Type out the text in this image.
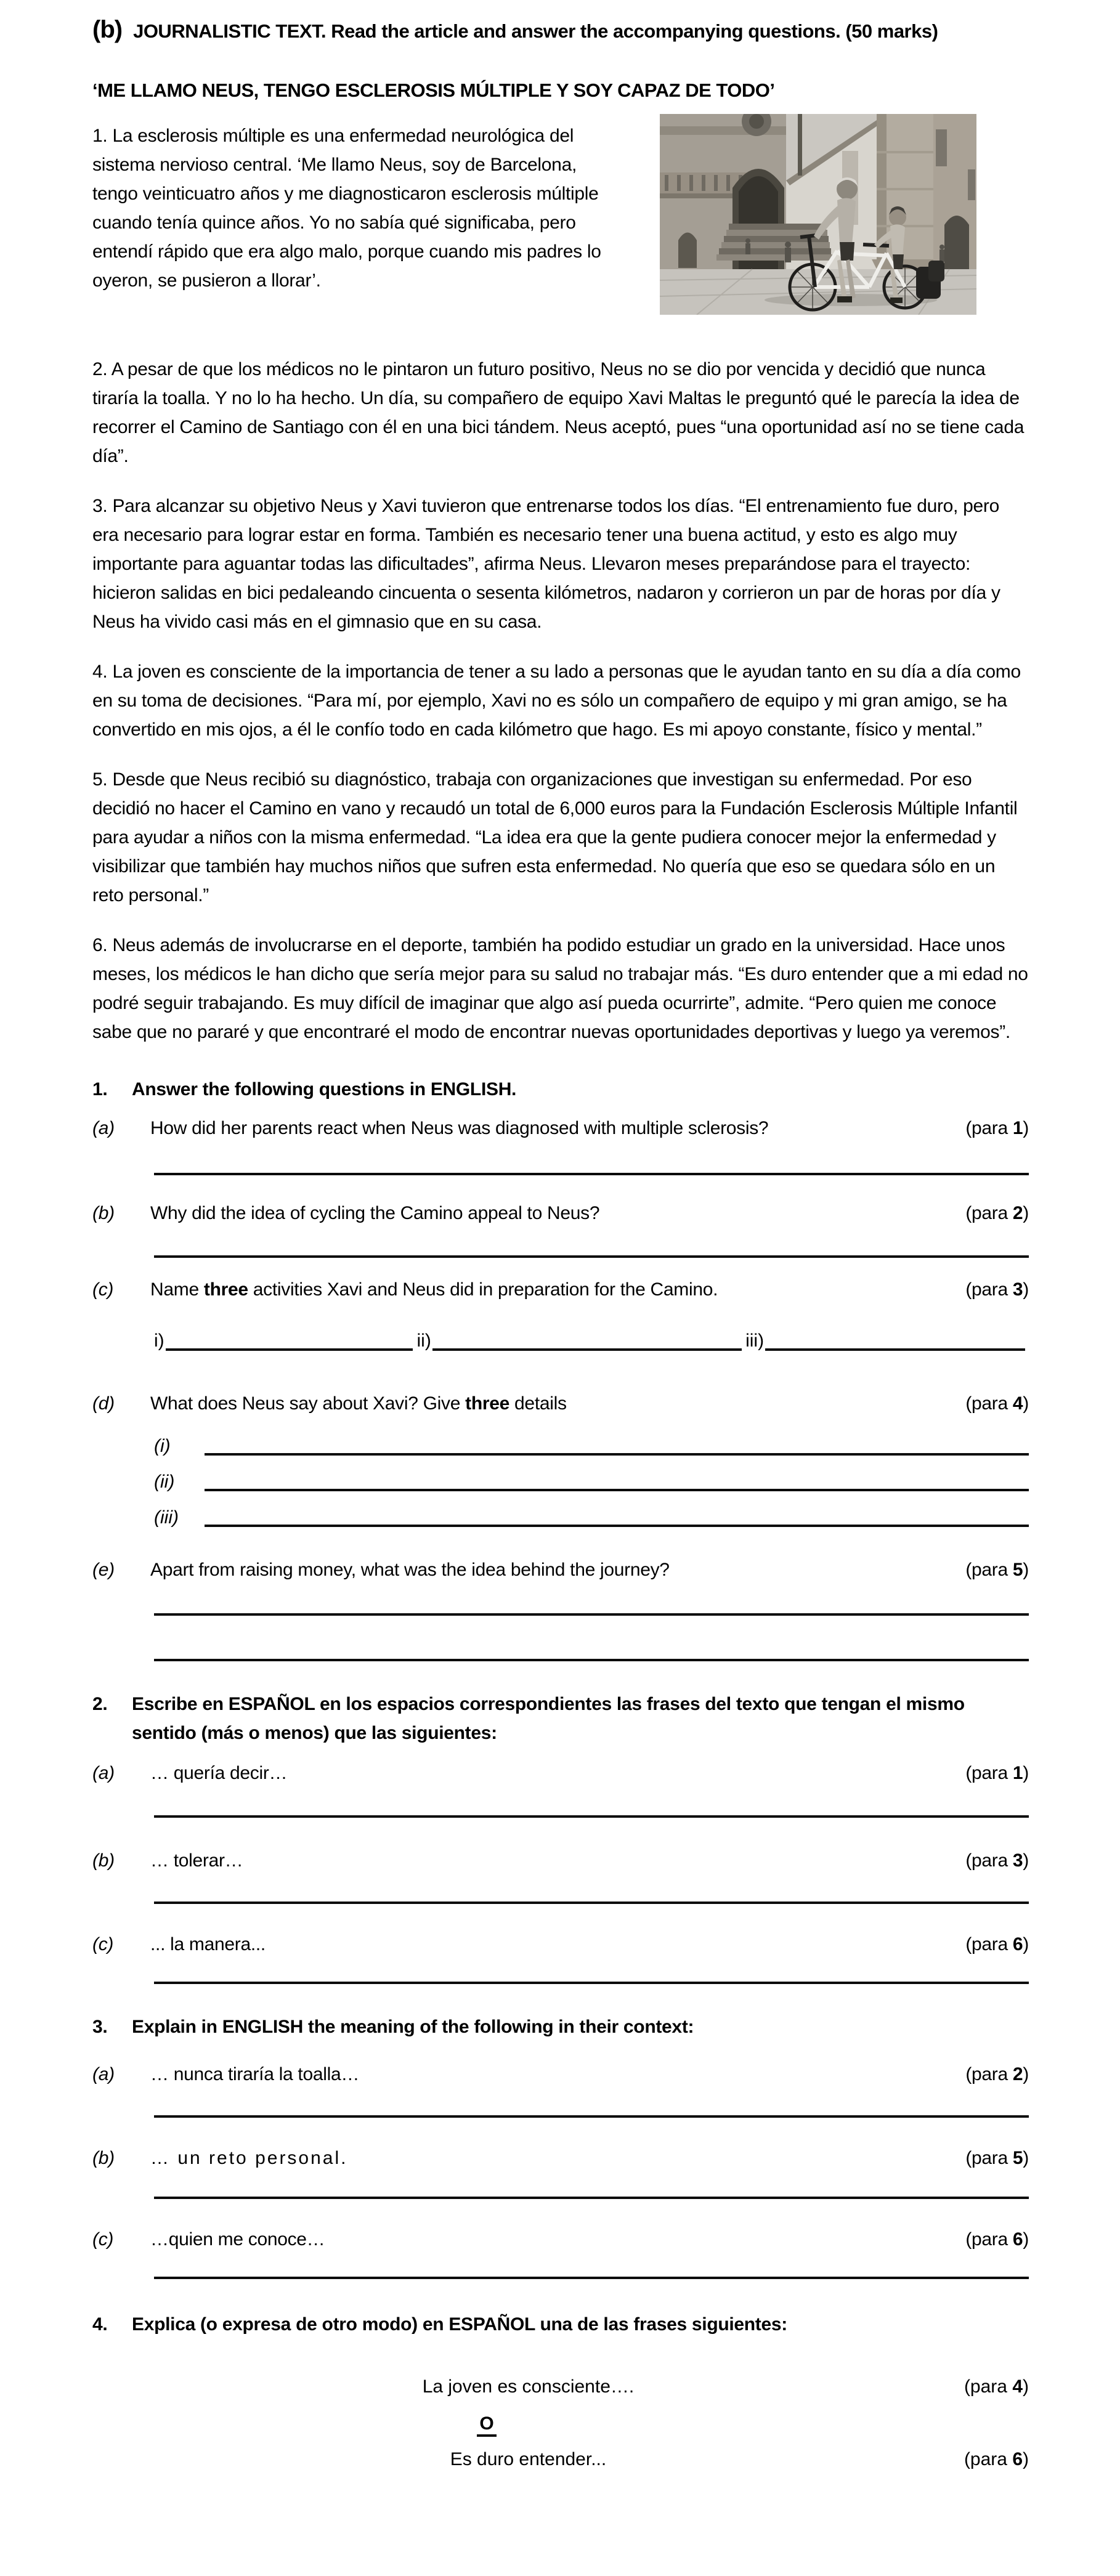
(b) JOURNALISTIC TEXT. Read the article and answer the accompanying questions. (50 marks)
‘ME LLAMO NEUS, TENGO ESCLEROSIS MÚLTIPLE Y SOY CAPAZ DE TODO’

1. La esclerosis múltiple es una enfermedad neurológica del sistema nervioso central. ‘Me llamo Neus, soy de Barcelona, tengo veinticuatro años y me diagnosticaron esclerosis múltiple cuando tenía quince años. Yo no sabía qué significaba, pero entendí rápido que era algo malo, porque cuando mis padres lo oyeron, se pusieron a llorar’.

2. A pesar de que los médicos no le pintaron un futuro positivo, Neus no se dio por vencida y decidió que nunca tiraría la toalla. Y no lo ha hecho. Un día, su compañero de equipo Xavi Maltas le preguntó qué le parecía la idea de recorrer el Camino de Santiago con él en una bici tándem. Neus aceptó, pues “una oportunidad así no se tiene cada día”.

3. Para alcanzar su objetivo Neus y Xavi tuvieron que entrenarse todos los días. “El entrenamiento fue duro, pero era necesario para lograr estar en forma. También es necesario tener una buena actitud, y esto es algo muy importante para aguantar todas las dificultades”, afirma Neus. Llevaron meses preparándose para el trayecto: hicieron salidas en bici pedaleando cincuenta o sesenta kilómetros, nadaron y corrieron un par de horas por día y Neus ha vivido casi más en el gimnasio que en su casa.

4. La joven es consciente de la importancia de tener a su lado a personas que le ayudan tanto en su día a día como en su toma de decisiones. “Para mí, por ejemplo, Xavi no es sólo un compañero de equipo y mi gran amigo, se ha convertido en mis ojos, a él le confío todo en cada kilómetro que hago. Es mi apoyo constante, físico y mental.”

5. Desde que Neus recibió su diagnóstico, trabaja con organizaciones que investigan su enfermedad. Por eso decidió no hacer el Camino en vano y recaudó un total de 6,000 euros para la Fundación Esclerosis Múltiple Infantil para ayudar a niños con la misma enfermedad. “La idea era que la gente pudiera conocer mejor la enfermedad y visibilizar que también hay muchos niños que sufren esta enfermedad. No quería que eso se quedara sólo en un reto personal.”

6. Neus además de involucrarse en el deporte, también ha podido estudiar un grado en la universidad. Hace unos meses, los médicos le han dicho que sería mejor para su salud no trabajar más. “Es duro entender que a mi edad no podré seguir trabajando. Es muy difícil de imaginar que algo así pueda ocurrirte”, admite. “Pero quien me conoce sabe que no pararé y que encontraré el modo de encontrar nuevas oportunidades deportivas y luego ya veremos”.

1.	Answer the following questions in ENGLISH.
(a)	How did her parents react when Neus was diagnosed with multiple sclerosis?	(para 1)
(b)	Why did the idea of cycling the Camino appeal to Neus?	(para 2)
(c)	Name three activities Xavi and Neus did in preparation for the Camino.	(para 3)
i)	ii)	iii)
(d)	What does Neus say about Xavi? Give three details	(para 4)
(i)
(ii)
(iii)
(e)	Apart from raising money, what was the idea behind the journey?	(para 5)
2.	Escribe en ESPAÑOL en los espacios correspondientes las frases del texto que tengan el mismo sentido (más o menos) que las siguientes:
(a)	… quería decir…	(para 1)
(b)	… tolerar…	(para 3)
(c)	... la manera...	(para 6)
3.	Explain in ENGLISH the meaning of the following in their context:
(a)	… nunca tiraría la toalla…	(para 2)
(b)	… un reto personal.	(para 5)
(c)	…quien me conoce…	(para 6)
4.	Explica (o expresa de otro modo) en ESPAÑOL una de las frases siguientes:
La joven es consciente….	(para 4)
O
Es duro entender...	(para 6)
